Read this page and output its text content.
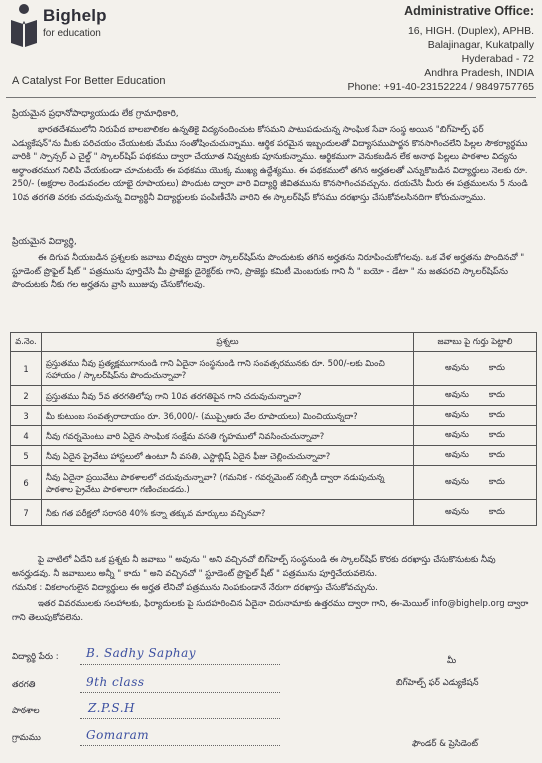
Bighelp
for education
A Catalyst For Better Education
Administrative Office:
16, HIGH. (Duplex), APHB.
Balajinagar, Kukatpally
Hyderabad - 72
Andhra Pradesh, INDIA
Phone: +91-40-23152224 / 9849757765
ప్రియమైన ప్రధానోపాధ్యాయుడు లేక గ్రామాధికారి,
భారతదేశములోని నిరుపేద బాలబాలికల ఉన్నతికై విద్యనందించుట కోసమని పాటుపడుచున్న సాంఘిక సేవా సంస్థ అయిన "బిగ్‌హెల్ప్ ఫర్ ఎడ్యుకేషన్"ను మీకు పరిచయం చేయుటకు మేము సంతోషించుచున్నాము. ఆర్థిక పరమైన ఇబ్బందులతో విద్యాసముపార్జన కొనసాగించలేని పిల్లల సౌకర్యార్థము వారికి " స్పాన్సర్ ఎ చైల్డ్ " స్కాలర్‌షిప్ పథకము ద్వారా చేయూత నివ్వుటకు పూనుకున్నాము. ఆర్థికముగా వెనుకబడిన లేక అనాథ పిల్లలు పాఠశాల విద్యను అర్ధాంతరముగ నిలిపి వేయకుండా చూచుటయే ఈ పథకము యొక్క ముఖ్య ఉద్దేశ్యము. ఈ పథకములో తగిన అర్హతలతో ఎన్నుకొబడిన విద్యార్థులు నెలకు రూ. 250/- (అక్షరాల రెండువందల యాభై రూపాయలు) పొందుట ద్వారా వారి విద్యార్థి జీవితమును కొనసాగించవచ్చును. దయచేసి మీరు ఈ పత్రములను 5 నుండి 10వ తరగతి వరకు చదువుచున్న విద్యార్థినీ విద్యార్థులకు పంపిణీచేసి వారిని ఈ స్కాలర్‌షిప్ కోసము దరఖాస్తు చేసుకోవలసినదిగా కోరుచున్నాము.
ప్రియమైన విద్యార్థి,
ఈ దిగువ నీయబడిన ప్రశ్నలకు జవాబు లివ్వుట ద్వారా స్కాలర్‌షిప్‌ను పొందుటకు తగిన అర్హతను నిరూపించుకోగలవు. ఒక వేళ అర్హతను పొందినచో " స్టూడెంట్ ప్రొఫైల్ షీట్ " పత్రమును పూర్తిచేసి మీ ప్రాజెక్టు డైరెక్టర్‌కు గాని, ప్రాజెక్టు కమిటీ మెంబరుకు గాని నీ " బయో - డేటా " ను జతపరచి స్కాలర్‌షిప్‌ను పొందుటకు నీకు గల అర్హతను వ్రాసి ఋజువు చేసుకోగలవు.
వ.నెం.	ప్రశ్నలు	జవాబు పై గుర్తు పెట్టాలి
1	ప్రస్తుతము నీవు ప్రత్యక్షముగానుండి గాని ఏదైనా సంస్థనుండి గాని సంవత్సరమునకు రూ. 500/-లకు మించి సహాయం / స్కాలర్‌షిప్‌ను పొందుచున్నావా?	అవును కాదు
2	ప్రస్తుతము నీవు 5వ తరగతిలోపు గాని 10వ తరగతిపైన గాని చదువుచున్నావా?	అవును కాదు
3	మీ కుటుంబ సంవత్సరాదాయం రూ. 36,000/- (ముప్పైఆరు వేల రూపాయలు) మించియున్నదా?	అవును కాదు
4	నీవు గవర్నమెంటు వారి ఏదైన సాంఘిక సంక్షేమ వసతి గృహములో నివసించుచున్నావా?	అవును కాదు
5	నీవు ఏదైన ప్రైవేటు హాస్టలులో ఉంటూ నీ వసతి, ఎస్టాబ్లిష్ ఏదైన ఫీజు చెల్లించుచున్నావా?	అవును కాదు
6	నీవు ఏదైనా ప్రయివేటు పాఠశాలలో చదువుచున్నావా? (గమనిక - గవర్నమెంట్ సబ్సిడీ ద్వారా నడుపుచున్న పాఠశాల ప్రైవేటు పాఠశాలగా గణించబడదు.)	అవును కాదు
7	నీకు గత పరీక్షలో సరాసరి 40% కన్నా తక్కువ మార్కులు వచ్చినవా?	అవును కాదు
పై వాటిలో ఏదేని ఒక ప్రశ్నకు నీ జవాబు " అవును " అని వచ్చినచో బిగ్‌హెల్ప్ సంస్థనుండి ఈ స్కాలర్‌షిప్ కొరకు దరఖాస్తు చేసుకొనుటకు నీవు అనర్హుడవు. నీ జవాబులు అన్నీ " కాదు " అని వచ్చినచో " స్టూడెంట్ ప్రొఫైల్ షీట్ " పత్రమును పూర్తిచేయవలెను.
గమనిక : వికలాంగులైన విద్యార్థులు ఈ అర్హత లేనిచో పత్రమును నింపకుండానే నేరుగా దరఖాస్తు చేసుకోవచ్చును.
ఇతర వివరములకు సలహాలకు, ఫిర్యాదులకు పై సుదహరించిన ఏదైనా చిరునామాకు ఉత్తరము ద్వారా గాని, ఈ-మెయిల్ info@bighelp.org ద్వారా గాని తెలుపుకోవలెను.
విద్యార్థి పేరు :	B. Sadhy Saphay
తరగతి	9th class
పాఠశాల	Z.P.S.H
గ్రామము	Gomaram
మీ
బిగ్‌హెల్ప్ ఫర్ ఎడ్యుకేషన్
ఫౌండర్ & ప్రెసిడెంట్
